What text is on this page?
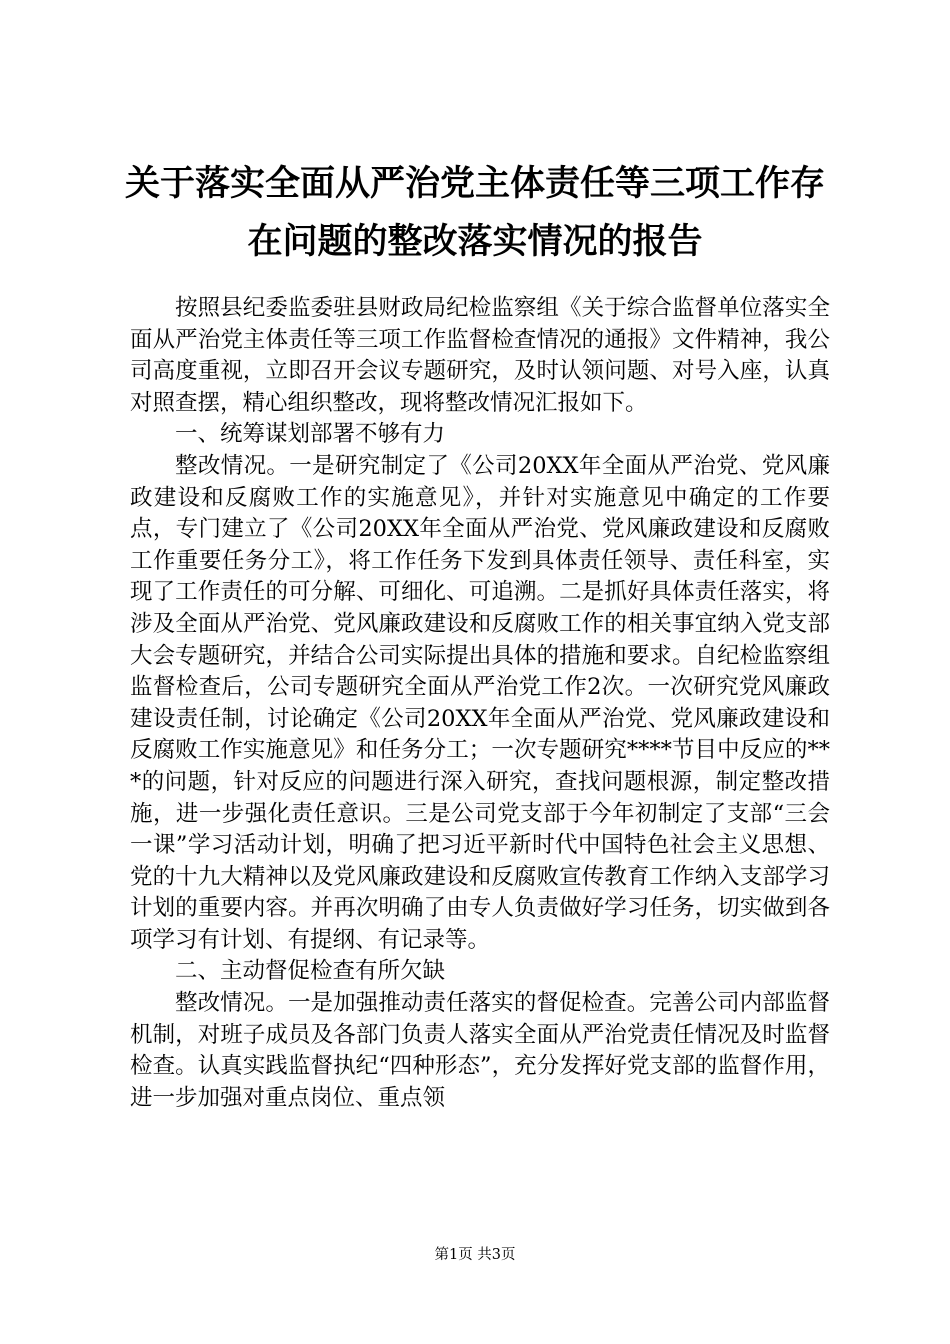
关于落实全面从严治党主体责任等三项工作存
在问题的整改落实情况的报告

按照县纪委监委驻县财政局纪检监察组《关于综合监督单位落实全面从严治党主体责任等三项工作监督检查情况的通报》文件精神，我公司高度重视，立即召开会议专题研究，及时认领问题、对号入座，认真对照查摆，精心组织整改，现将整改情况汇报如下。

一、统筹谋划部署不够有力

整改情况。一是研究制定了《公司20XX年全面从严治党、党风廉政建设和反腐败工作的实施意见》，并针对实施意见中确定的工作要点，专门建立了《公司20XX年全面从严治党、党风廉政建设和反腐败工作重要任务分工》，将工作任务下发到具体责任领导、责任科室，实现了工作责任的可分解、可细化、可追溯。二是抓好具体责任落实，将涉及全面从严治党、党风廉政建设和反腐败工作的相关事宜纳入党支部大会专题研究，并结合公司实际提出具体的措施和要求。自纪检监察组监督检查后，公司专题研究全面从严治党工作2次。一次研究党风廉政建设责任制，讨论确定《公司20XX年全面从严治党、党风廉政建设和反腐败工作实施意见》和任务分工；一次专题研究****节目中反应的***的问题，针对反应的问题进行深入研究，查找问题根源，制定整改措施，进一步强化责任意识。三是公司党支部于今年初制定了支部“三会一课”学习活动计划，明确了把习近平新时代中国特色社会主义思想、党的十九大精神以及党风廉政建设和反腐败宣传教育工作纳入支部学习计划的重要内容。并再次明确了由专人负责做好学习任务，切实做到各项学习有计划、有提纲、有记录等。

二、主动督促检查有所欠缺

整改情况。一是加强推动责任落实的督促检查。完善公司内部监督机制，对班子成员及各部门负责人落实全面从严治党责任情况及时监督检查。认真实践监督执纪“四种形态”，充分发挥好党支部的监督作用，进一步加强对重点岗位、重点领

第1页 共3页
